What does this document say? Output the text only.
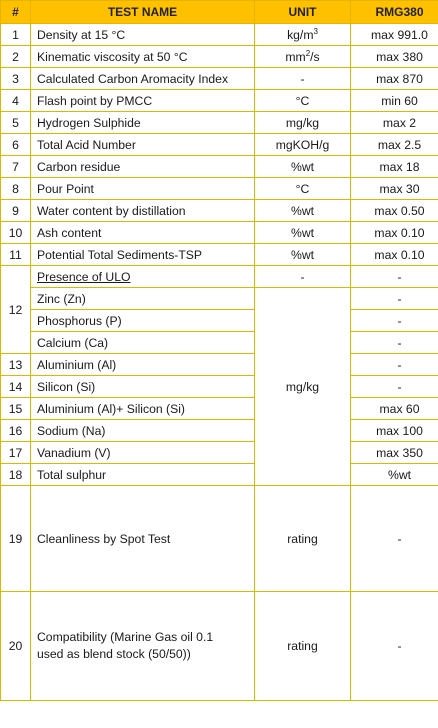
#	TEST NAME	UNIT	RMG380	
1	Density at 15 °C	$kg/m^3$	max 991.0	
2	Kinematic viscosity at 50 °C	$mm^2/s$	max 380	
3	Calculated Carbon Aromacity Index	-	max 870	
4	Flash point by PMCC	°C	min 60	
5	Hydrogen Sulphide	mg/kg	max 2	
6	Total Acid Number	mgKOH/g	max 2.5	
7	Carbon residue	%wt	max 18	
8	Pour Point	°C	max 30	
9	Water content by distillation	%wt	max 0.50	
10	Ash content	%wt	max 0.10	
11	Potential Total Sediments-TSP	%wt	max 0.10	
12	Presence of ULO	-	-	
	Zinc (Zn)	mg/kg	-	
	Phosphorus (P)		-	
	Calcium (Ca)		-	
13	Aluminium (Al)		-	
14	Silicon (Si)		-	
15	Aluminium (Al)+ Silicon (Si)		max 60	
16	Sodium (Na)		max 100	
17	Vanadium (V)		max 350	
18	Total sulphur		%wt	
19	Cleanliness by Spot Test	rating	-	
20	Compatibility (Marine Gas oil 0.1
used as blend stock (50/50))	rating	-	
